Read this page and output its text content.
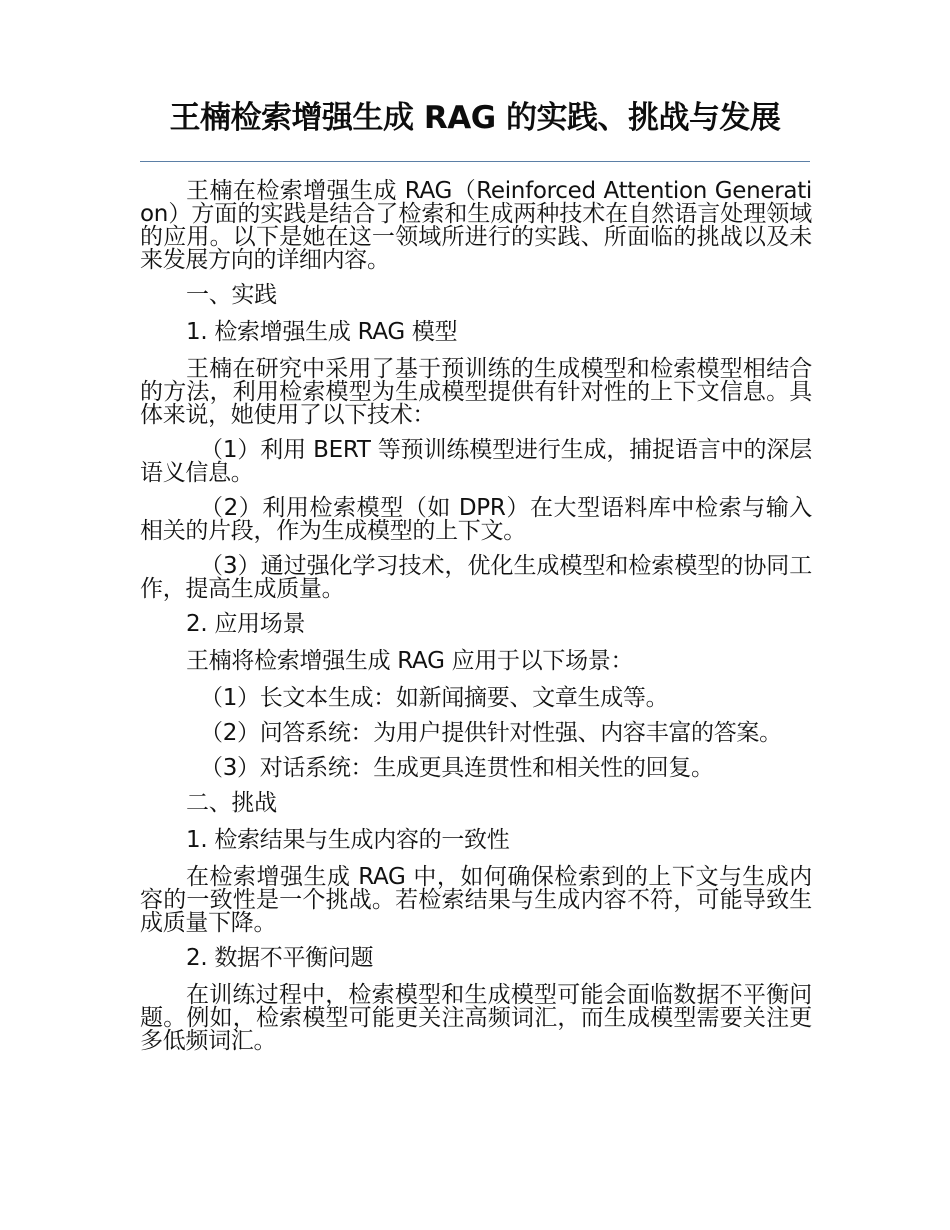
王楠检索增强生成 RAG 的实践、挑战与发展

王楠在检索增强生成 RAG（Reinforced Attention Generation）方面的实践是结合了检索和生成两种技术在自然语言处理领域的应用。以下是她在这一领域所进行的实践、所面临的挑战以及未来发展方向的详细内容。

一、实践

1. 检索增强生成 RAG 模型

王楠在研究中采用了基于预训练的生成模型和检索模型相结合的方法，利用检索模型为生成模型提供有针对性的上下文信息。具体来说，她使用了以下技术：

（1）利用 BERT 等预训练模型进行生成，捕捉语言中的深层语义信息。

（2）利用检索模型（如 DPR）在大型语料库中检索与输入相关的片段，作为生成模型的上下文。

（3）通过强化学习技术，优化生成模型和检索模型的协同工作，提高生成质量。

2. 应用场景

王楠将检索增强生成 RAG 应用于以下场景：

（1）长文本生成：如新闻摘要、文章生成等。

（2）问答系统：为用户提供针对性强、内容丰富的答案。

（3）对话系统：生成更具连贯性和相关性的回复。

二、挑战

1. 检索结果与生成内容的一致性

在检索增强生成 RAG 中，如何确保检索到的上下文与生成内容的一致性是一个挑战。若检索结果与生成内容不符，可能导致生成质量下降。

2. 数据不平衡问题

在训练过程中，检索模型和生成模型可能会面临数据不平衡问题。例如，检索模型可能更关注高频词汇，而生成模型需要关注更多低频词汇。
